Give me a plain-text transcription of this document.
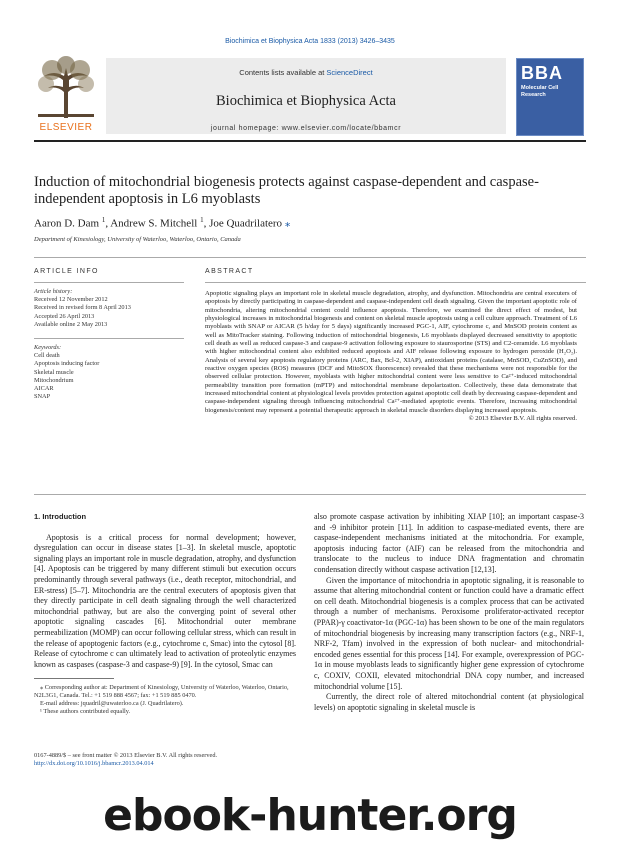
Biochimica et Biophysica Acta 1833 (2013) 3426–3435
ELSEVIER
Contents lists available at ScienceDirect
Biochimica et Biophysica Acta
journal homepage: www.elsevier.com/locate/bbamcr
BBA
Molecular Cell Research
Induction of mitochondrial biogenesis protects against caspase-dependent and caspase-independent apoptosis in L6 myoblasts
Aaron D. Dam $^1$, Andrew S. Mitchell $^1$, Joe Quadrilatero ⁎
Department of Kinesiology, University of Waterloo, Waterloo, Ontario, Canada
ARTICLE INFO
Article history:
Received 12 November 2012
Received in revised form 8 April 2013
Accepted 26 April 2013
Available online 2 May 2013
Keywords:
Cell death
Apoptosis inducing factor
Skeletal muscle
Mitochondrium
AICAR
SNAP
ABSTRACT
Apoptotic signaling plays an important role in skeletal muscle degradation, atrophy, and dysfunction. Mitochondria are central executers of apoptosis by directly participating in caspase-dependent and caspase-independent cell death signaling. Given the important apoptotic role of mitochondria, altering mitochondrial content could influence apoptosis. Therefore, we examined the direct effect of modest, but physiological increases in mitochondrial biogenesis and content on skeletal muscle apoptosis using a cell culture approach. Treatment of L6 myoblasts with SNAP or AICAR (5 h/day for 5 days) significantly increased PGC-1, AIF, cytochrome c, and MnSOD protein content as well as MitoTracker staining. Following induction of mitochondrial biogenesis, L6 myoblasts displayed decreased sensitivity to apoptotic cell death as well as reduced caspase-3 and caspase-9 activation following exposure to staurosporine (STS) and C2-ceramide. L6 myoblasts with higher mitochondrial content also exhibited reduced apoptosis and AIF release following exposure to hydrogen peroxide (H₂O₂). Analysis of several key apoptosis regulatory proteins (ARC, Bax, Bcl-2, XIAP), antioxidant proteins (catalase, MnSOD, CuZnSOD), and reactive oxygen species (ROS) measures (DCF and MitoSOX fluorescence) revealed that these mechanisms were not responsible for the observed cellular protection. However, myoblasts with higher mitochondrial content were less sensitive to Ca²⁺-induced mitochondrial permeability transition pore formation (mPTP) and mitochondrial membrane depolarization. Collectively, these data demonstrate that increased mitochondrial content at physiological levels provides protection against apoptotic cell death by decreasing caspase-dependent and caspase-independent signaling through influencing mitochondrial Ca²⁺-mediated apoptotic events. Therefore, increasing mitochondrial biogenesis/content may represent a potential therapeutic approach in skeletal muscle disorders displaying increased apoptosis.
© 2013 Elsevier B.V. All rights reserved.
1. Introduction
Apoptosis is a critical process for normal development; however, dysregulation can occur in disease states [1–3]. In skeletal muscle, apoptotic signaling plays an important role in muscle degradation, atrophy, and dysfunction [4]. Apoptosis can be triggered by many different stimuli but execution occurs predominantly through several pathways (i.e., death receptor, mitochondrial, and ER-stress) [5–7]. Mitochondria are the central executers of apoptosis given that they directly participate in cell death signaling through the well characterized mitochondrial pathway, but are also the converging point of several other apoptotic signaling cascades [6]. Mitochondrial outer membrane permeabilization (MOMP) can occur following cellular stress, which can result in the release of apoptogenic factors (e.g., cytochrome c, Smac) into the cytosol [8]. Release of cytochrome c can ultimately lead to activation of proteolytic enzymes known as caspases (caspase-3 and caspase-9) [9]. In the cytosol, Smac can
also promote caspase activation by inhibiting XIAP [10]; an important caspase-3 and -9 inhibitor protein [11]. In addition to caspase-mediated events, there are caspase-independent mechanisms initiated at the mitochondria. For example, apoptosis inducing factor (AIF) can be released from the mitochondria and translocate to the nucleus to induce DNA fragmentation and chromatin condensation directly without caspase activation [12,13].
Given the importance of mitochondria in apoptotic signaling, it is reasonable to assume that altering mitochondrial content or function could have a dramatic effect on cell death. Mitochondrial biogenesis is a complex process that can be activated through a number of mechanisms. Peroxisome proliferator-activated receptor (PPAR)-γ coactivator-1α (PGC-1α) has been shown to be one of the main regulators of mitochondrial biogenesis by increasing many transcription factors (e.g., NRF-1, NRF-2, Tfam) involved in the expression of both nuclear- and mitochondrial-encoded genes essential for this process [14]. For example, overexpression of PGC-1α in mouse myoblasts leads to significantly higher gene expression of cytochrome c, COXIV, COXII, elevated mitochondrial DNA copy number, and increased mitochondrial volume [15].
Currently, the direct role of altered mitochondrial content (at physiological levels) on apoptotic signaling in skeletal muscle is
⁎ Corresponding author at: Department of Kinesiology, University of Waterloo, Waterloo, Ontario, N2L3G1, Canada. Tel.: +1 519 888 4567; fax: +1 519 885 0470.
E-mail address: jquadril@uwaterloo.ca (J. Quadrilatero).
¹ These authors contributed equally.
0167-4889/$ – see front matter © 2013 Elsevier B.V. All rights reserved.
http://dx.doi.org/10.1016/j.bbamcr.2013.04.014
ebook-hunter.org
